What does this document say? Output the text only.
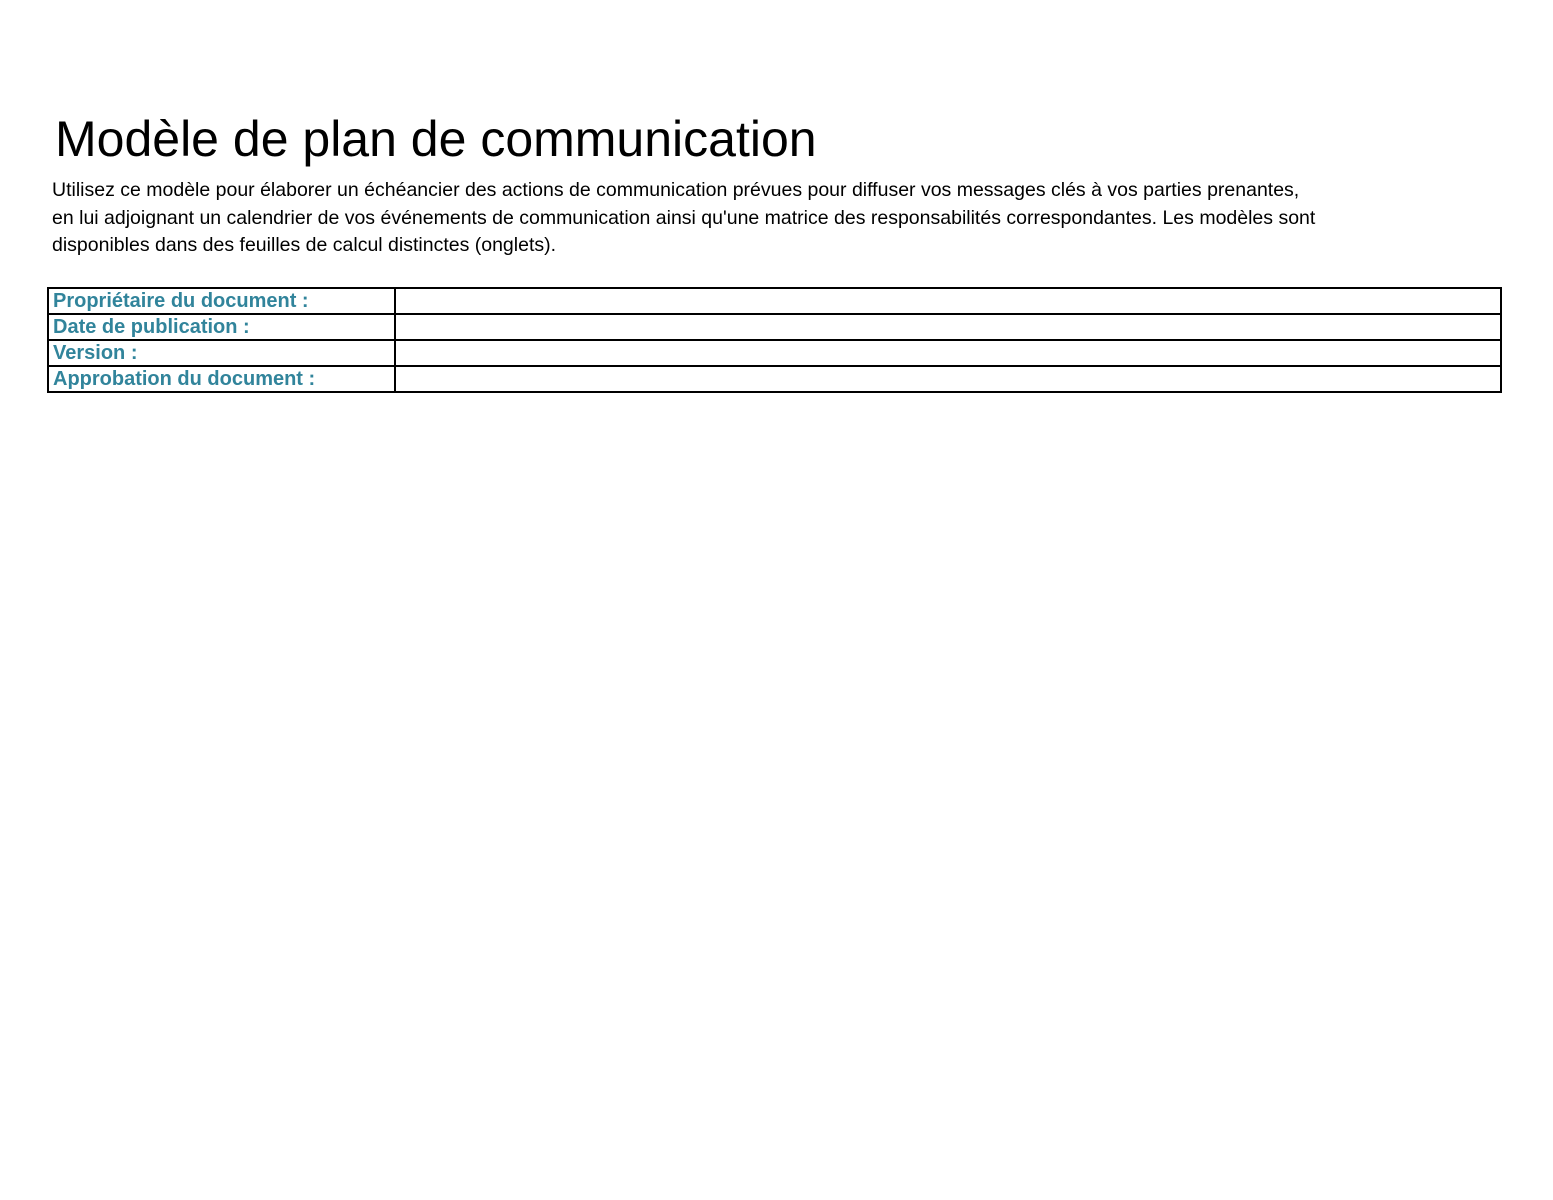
Modèle de plan de communication

Utilisez ce modèle pour élaborer un échéancier des actions de communication prévues pour diffuser vos messages clés à vos parties prenantes,
en lui adjoignant un calendrier de vos événements de communication ainsi qu'une matrice des responsabilités correspondantes. Les modèles sont
disponibles dans des feuilles de calcul distinctes (onglets).

Propriétaire du document :	
Date de publication :	
Version :	
Approbation du document :	
